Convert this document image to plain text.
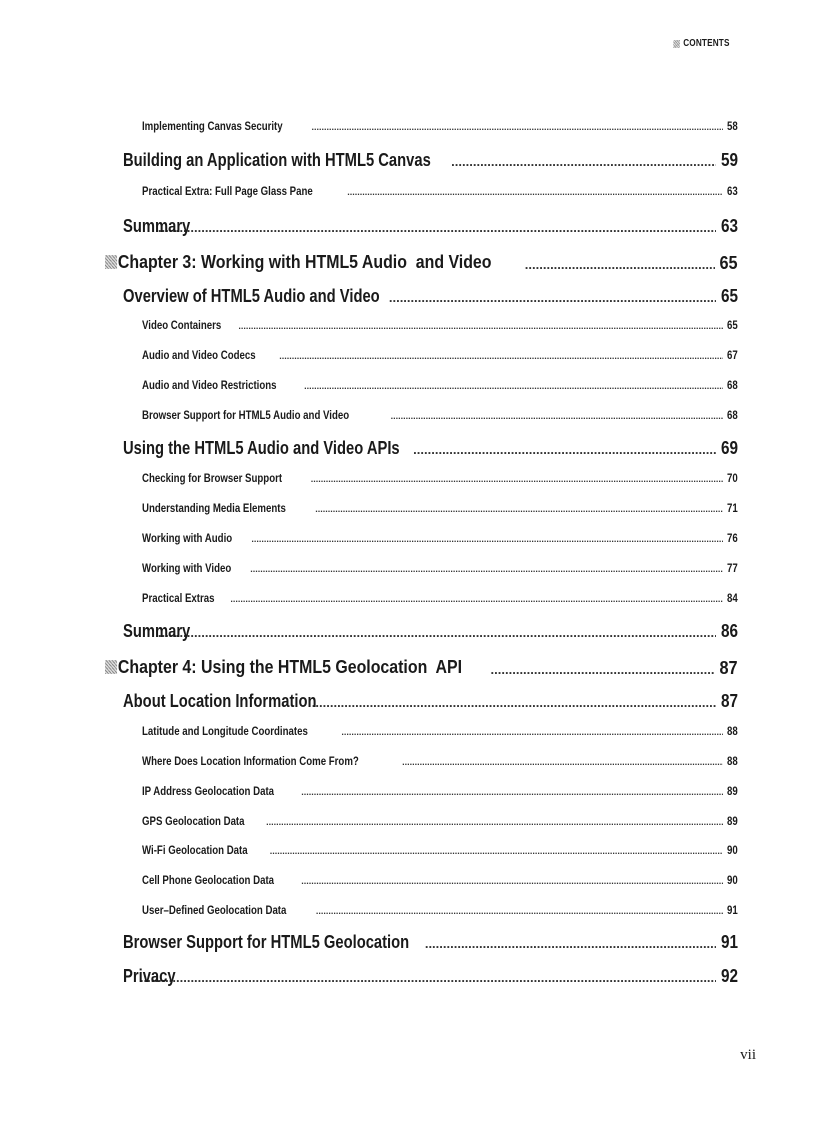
CONTENTS
Implementing Canvas Security .....	58
Building an Application with HTML5 Canvas .....	59
Practical Extra: Full Page Glass Pane .....	63
Summary .....	63
Chapter 3: Working with HTML5 Audio  and Video .....	65
Overview of HTML5 Audio and Video .....	65
Video Containers .....	65
Audio and Video Codecs .....	67
Audio and Video Restrictions .....	68
Browser Support for HTML5 Audio and Video .....	68
Using the HTML5 Audio and Video APIs .....	69
Checking for Browser Support .....	70
Understanding Media Elements .....	71
Working with Audio .....	76
Working with Video .....	77
Practical Extras .....	84
Summary .....	86
Chapter 4: Using the HTML5 Geolocation  API .....	87
About Location Information .....	87
Latitude and Longitude Coordinates .....	88
Where Does Location Information Come From? .....	88
IP Address Geolocation Data .....	89
GPS Geolocation Data .....	89
Wi-Fi Geolocation Data .....	90
Cell Phone Geolocation Data .....	90
User–Defined Geolocation Data .....	91
Browser Support for HTML5 Geolocation .....	91
Privacy .....	92
vii
